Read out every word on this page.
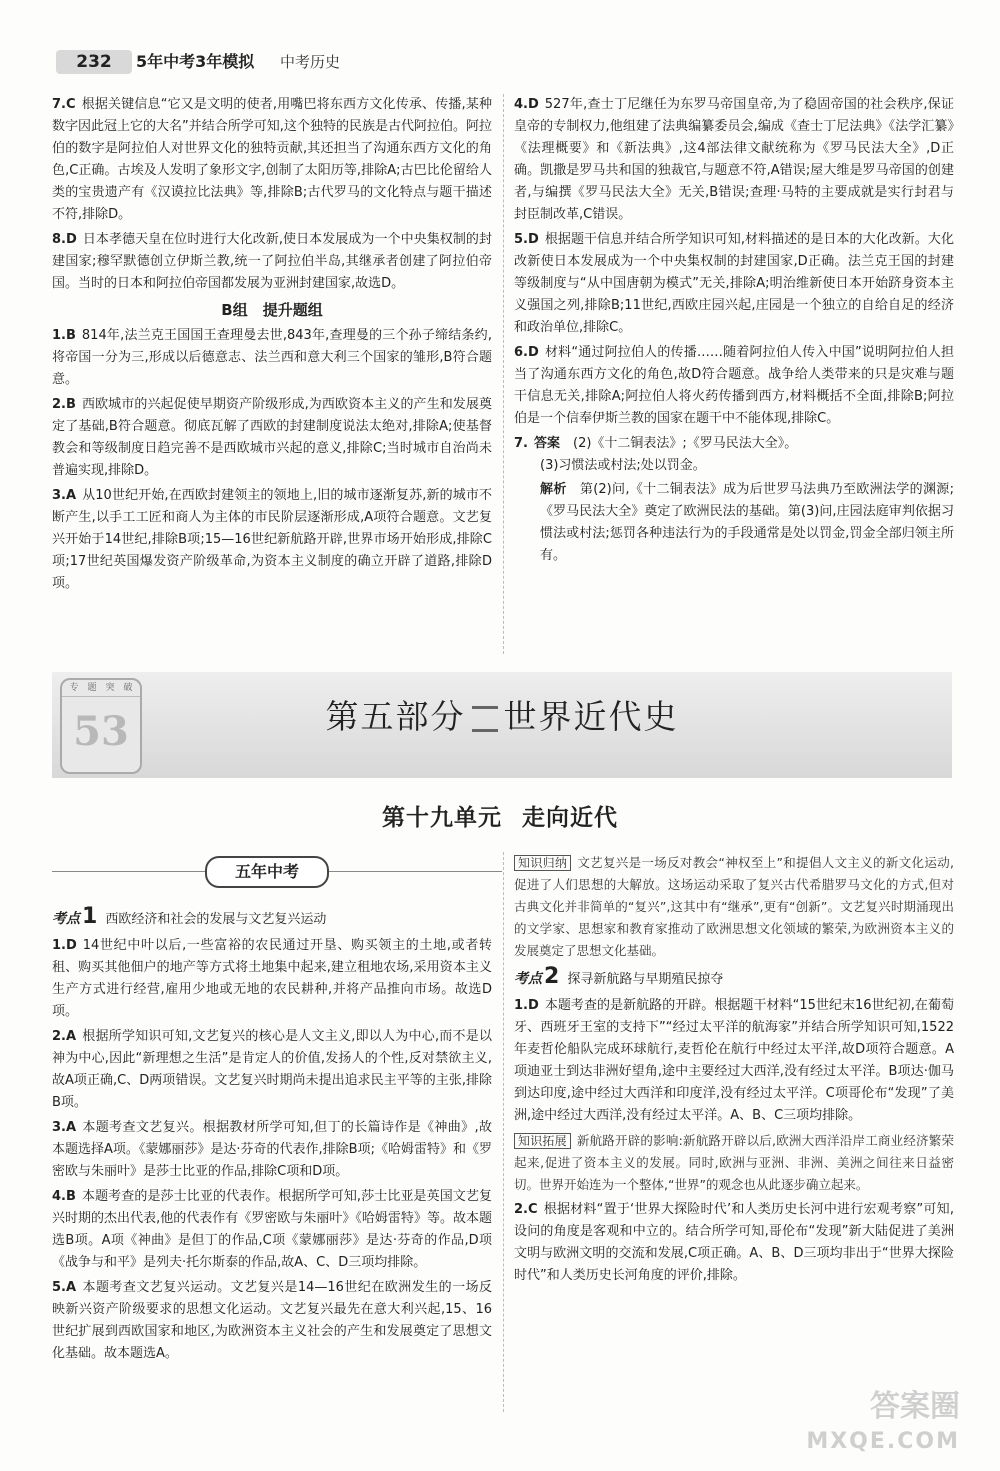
232	5年中考3年模拟 中考历史

7.C 根据关键信息“它又是文明的使者,用嘴巴将东西方文化传承、传播,某种数字因此冠上它的大名”并结合所学可知,这个独特的民族是古代阿拉伯。阿拉伯的数字是阿拉伯人对世界文化的独特贡献,其还担当了沟通东西方文化的角色,C正确。古埃及人发明了象形文字,创制了太阳历等,排除A;古巴比伦留给人类的宝贵遗产有《汉谟拉比法典》等,排除B;古代罗马的文化特点与题干描述不符,排除D。

8.D 日本孝德天皇在位时进行大化改新,使日本发展成为一个中央集权制的封建国家;穆罕默德创立伊斯兰教,统一了阿拉伯半岛,其继承者创建了阿拉伯帝国。当时的日本和阿拉伯帝国都发展为亚洲封建国家,故选D。

B组　提升题组

1.B 814年,法兰克王国国王查理曼去世,843年,查理曼的三个孙子缔结条约,将帝国一分为三,形成以后德意志、法兰西和意大利三个国家的雏形,B符合题意。

2.B 西欧城市的兴起促使早期资产阶级形成,为西欧资本主义的产生和发展奠定了基础,B符合题意。彻底瓦解了西欧的封建制度说法太绝对,排除A;使基督教会和等级制度日趋完善不是西欧城市兴起的意义,排除C;当时城市自治尚未普遍实现,排除D。

3.A 从10世纪开始,在西欧封建领主的领地上,旧的城市逐渐复苏,新的城市不断产生,以手工工匠和商人为主体的市民阶层逐渐形成,A项符合题意。文艺复兴开始于14世纪,排除B项;15—16世纪新航路开辟,世界市场开始形成,排除C项;17世纪英国爆发资产阶级革命,为资本主义制度的确立开辟了道路,排除D项。

4.D 527年,查士丁尼继任为东罗马帝国皇帝,为了稳固帝国的社会秩序,保证皇帝的专制权力,他组建了法典编纂委员会,编成《查士丁尼法典》《法学汇纂》《法理概要》和《新法典》,这4部法律文献统称为《罗马民法大全》,D正确。凯撒是罗马共和国的独裁官,与题意不符,A错误;屋大维是罗马帝国的创建者,与编撰《罗马民法大全》无关,B错误;查理·马特的主要成就是实行封君与封臣制改革,C错误。

5.D 根据题干信息并结合所学知识可知,材料描述的是日本的大化改新。大化改新使日本发展成为一个中央集权制的封建国家,D正确。法兰克王国的封建等级制度与“从中国唐朝为模式”无关,排除A;明治维新使日本开始跻身资本主义强国之列,排除B;11世纪,西欧庄园兴起,庄园是一个独立的自给自足的经济和政治单位,排除C。

6.D 材料“通过阿拉伯人的传播……随着阿拉伯人传入中国”说明阿拉伯人担当了沟通东西方文化的角色,故D符合题意。战争给人类带来的只是灾难与题干信息无关,排除A;阿拉伯人将火药传播到西方,材料概括不全面,排除B;阿拉伯是一个信奉伊斯兰教的国家在题干中不能体现,排除C。

7. 答案　 (2)《十二铜表法》;《罗马民法大全》。

(3)习惯法或村法;处以罚金。

解析　 第(2)问,《十二铜表法》成为后世罗马法典乃至欧洲法学的渊源;《罗马民法大全》奠定了欧洲民法的基础。第(3)问,庄园法庭审判依据习惯法或村法;惩罚各种违法行为的手段通常是处以罚金,罚金全部归领主所有。

专　题　突　破
53	第五部分 世界近代史
第十九单元 走向近代
五年中考
考点1 西欧经济和社会的发展与文艺复兴运动

1.D 14世纪中叶以后,一些富裕的农民通过开垦、购买领主的土地,或者转租、购买其他佃户的地产等方式将土地集中起来,建立租地农场,采用资本主义生产方式进行经营,雇用少地或无地的农民耕种,并将产品推向市场。故选D项。

2.A 根据所学知识可知,文艺复兴的核心是人文主义,即以人为中心,而不是以神为中心,因此“新理想之生活”是肯定人的价值,发扬人的个性,反对禁欲主义,故A项正确,C、D两项错误。文艺复兴时期尚未提出追求民主平等的主张,排除B项。

3.A 本题考查文艺复兴。根据教材所学可知,但丁的长篇诗作是《神曲》,故本题选择A项。《蒙娜丽莎》是达·芬奇的代表作,排除B项;《哈姆雷特》和《罗密欧与朱丽叶》是莎士比亚的作品,排除C项和D项。

4.B 本题考查的是莎士比亚的代表作。根据所学可知,莎士比亚是英国文艺复兴时期的杰出代表,他的代表作有《罗密欧与朱丽叶》《哈姆雷特》等。故本题选B项。A项《神曲》是但丁的作品,C项《蒙娜丽莎》是达·芬奇的作品,D项《战争与和平》是列夫·托尔斯泰的作品,故A、C、D三项均排除。

5.A 本题考查文艺复兴运动。文艺复兴是14—16世纪在欧洲发生的一场反映新兴资产阶级要求的思想文化运动。文艺复兴最先在意大利兴起,15、16世纪扩展到西欧国家和地区,为欧洲资本主义社会的产生和发展奠定了思想文化基础。故本题选A。

知识归纳 文艺复兴是一场反对教会“神权至上”和提倡人文主义的新文化运动,促进了人们思想的大解放。这场运动采取了复兴古代希腊罗马文化的方式,但对古典文化并非简单的“复兴”,这其中有“继承”,更有“创新”。文艺复兴时期涌现出的文学家、思想家和教育家推动了欧洲思想文化领域的繁荣,为欧洲资本主义的发展奠定了思想文化基础。

考点2 探寻新航路与早期殖民掠夺

1.D 本题考查的是新航路的开辟。根据题干材料“15世纪末16世纪初,在葡萄牙、西班牙王室的支持下”“经过太平洋的航海家”并结合所学知识可知,1522年麦哲伦船队完成环球航行,麦哲伦在航行中经过太平洋,故D项符合题意。A项迪亚士到达非洲好望角,途中主要经过大西洋,没有经过太平洋。B项达·伽马到达印度,途中经过大西洋和印度洋,没有经过太平洋。C项哥伦布“发现”了美洲,途中经过大西洋,没有经过太平洋。A、B、C三项均排除。

知识拓展 新航路开辟的影响:新航路开辟以后,欧洲大西洋沿岸工商业经济繁荣起来,促进了资本主义的发展。同时,欧洲与亚洲、非洲、美洲之间往来日益密切。世界开始连为一个整体,“世界”的观念也从此逐步确立起来。

2.C 根据材料“置于‘世界大探险时代’和人类历史长河中进行宏观考察”可知,设问的角度是客观和中立的。结合所学可知,哥伦布“发现”新大陆促进了美洲文明与欧洲文明的交流和发展,C项正确。A、B、D三项均非出于“世界大探险时代”和人类历史长河角度的评价,排除。

答案圈
MXQE.COM
